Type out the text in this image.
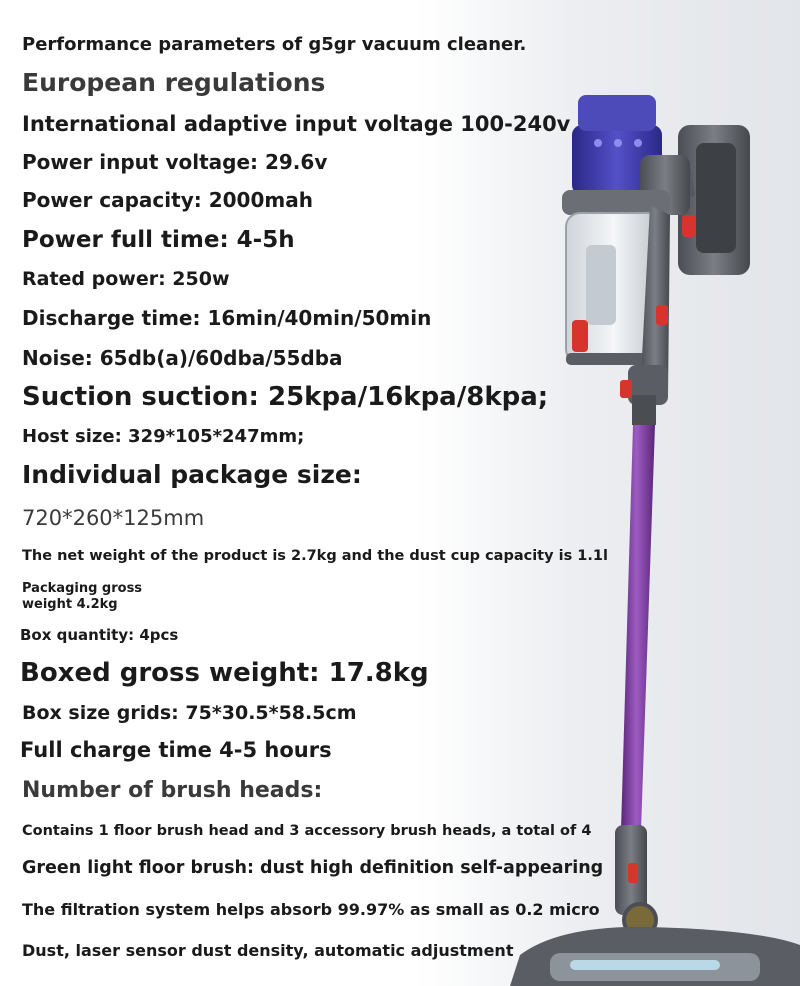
Performance parameters of g5gr vacuum cleaner.
European regulations
International adaptive input voltage 100-240v
Power input voltage: 29.6v
Power capacity: 2000mah
Power full time: 4-5h
Rated power: 250w
Discharge time: 16min/40min/50min
Noise: 65db(a)/60dba/55dba
Suction suction: 25kpa/16kpa/8kpa;
Host size: 329*105*247mm;
Individual package size:
720*260*125mm
The net weight of the product is 2.7kg and the dust cup capacity is 1.1l
Packaging gross
weight 4.2kg
Box quantity: 4pcs
Boxed gross weight: 17.8kg
Box size grids: 75*30.5*58.5cm
Full charge time 4-5 hours
Number of brush heads:
Contains 1 floor brush head and 3 accessory brush heads, a total of 4
Green light floor brush: dust high definition self-appearing
The filtration system helps absorb 99.97% as small as 0.2 micro
Dust, laser sensor dust density, automatic adjustment
